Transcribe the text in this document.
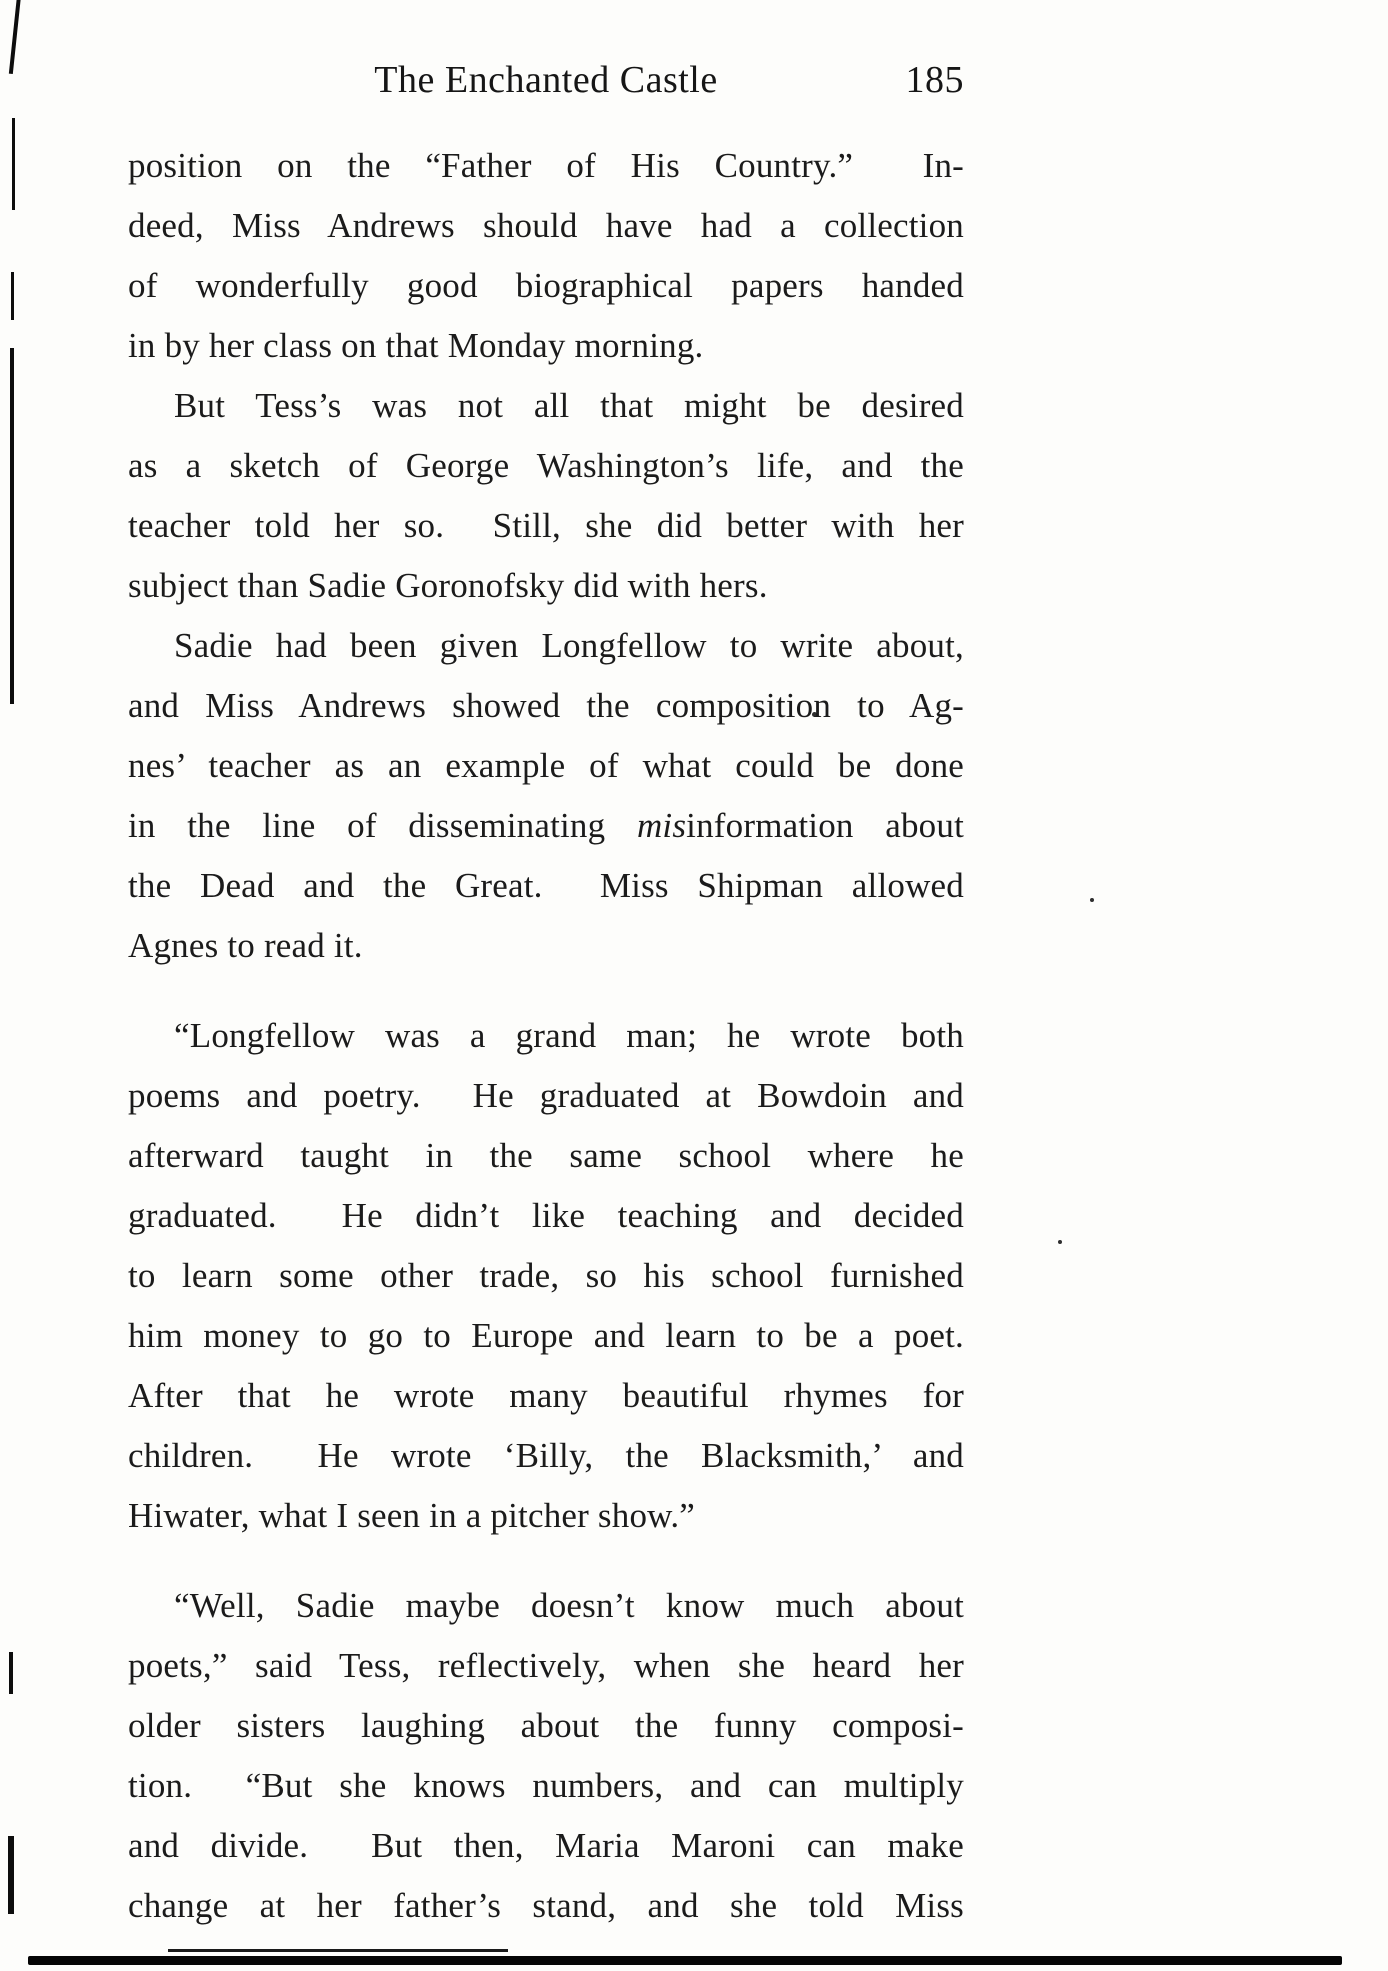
The Enchanted Castle	185
position on the “Father of His Country.”  In-
deed, Miss Andrews should have had a collection
of wonderfully good biographical papers handed
in by her class on that Monday morning.
But Tess’s was not all that might be desired
as a sketch of George Washington’s life, and the
teacher told her so.  Still, she did better with her
subject than Sadie Goronofsky did with hers.
Sadie had been given Longfellow to write about,
and Miss Andrews showed the composition to Ag-
nes’ teacher as an example of what could be done
in the line of disseminating misinformation about
the Dead and the Great.  Miss Shipman allowed
Agnes to read it.
“Longfellow was a grand man; he wrote both
poems and poetry.  He graduated at Bowdoin and
afterward taught in the same school where he
graduated.  He didn’t like teaching and decided
to learn some other trade, so his school furnished
him money to go to Europe and learn to be a poet.
After that he wrote many beautiful rhymes for
children.  He wrote ‘Billy, the Blacksmith,’ and
Hiwater, what I seen in a pitcher show.”
“Well, Sadie maybe doesn’t know much about
poets,” said Tess, reflectively, when she heard her
older sisters laughing about the funny composi-
tion.  “But she knows numbers, and can multiply
and divide.  But then, Maria Maroni can make
change at her father’s stand, and she told Miss
